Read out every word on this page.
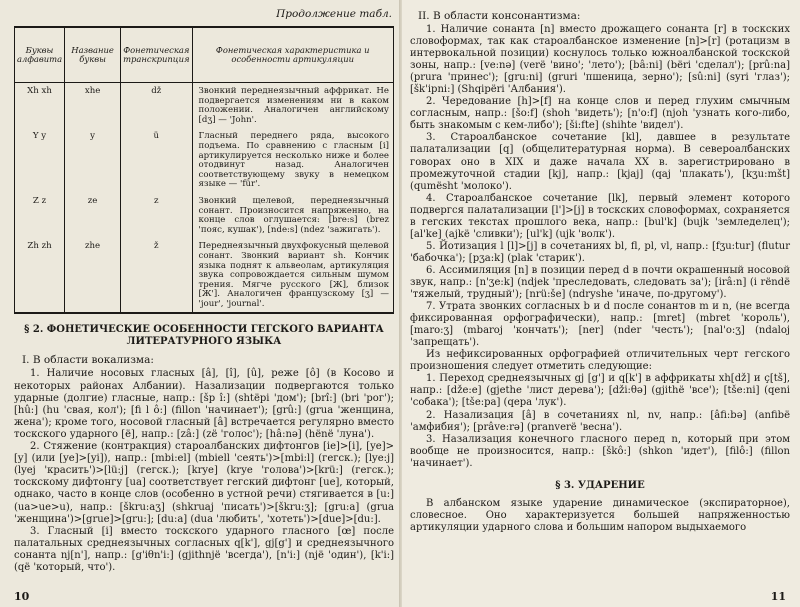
Продолжение табл.
Буквы алфавита	Название буквы	Фонетическая транскрипция	Фонетическая характеристика и особенности артикуляции
Xh xh	xhe	dž	Звонкий переднеязычный аффрикат. Не подвергается изменениям ни в каком положении. Аналогичен английскому [dʒ] — 'John'.
Y y	y	ü	Гласный переднего ряда, высокого подъема. По сравнению с гласным [i] артикулируется несколько ниже и более отодвинут назад. Аналогичен соответствующему звуку в немецком языке — 'für'.
Z z	ze	z	Звонкий щелевой, переднеязычный сонант. Произносится напряженно, на конце слов оглушается: [bre:s] (brez 'пояс, кушак'), [nde:s] (ndez 'зажигать').
Zh zh	zhe	ž	Переднеязычный двухфокусный щелевой сонант. Звонкий вариант sh. Кончик языка поднят к альвеолам, артикуляция звука сопровождается сильным шумом трения. Мягче русского [Ж], близок [Ж']. Аналогичен французскому [ʒ] — 'jour', 'journal'.
§ 2. ФОНЕТИЧЕСКИЕ ОСОБЕННОСТИ ГЕГСКОГО ВАРИАНТА ЛИТЕРАТУРНОГО ЯЗЫКА
I. В области вокализма:

1. Наличие носовых гласных [â], [î], [û], реже [ô] (в Косово и некоторых районах Албании). Назализации подвергаются только ударные (долгие) гласные, напр.: [šp î:] (shtëpi 'дом'); [brî:] (bri 'рог'); [hû:] (hu 'свая, кол'); [fi l ô:] (fillon 'начинает'); [grû:] (grua 'женщина, жена'); кроме того, носовой гласный [â] встречается регулярно вместо тоскского ударного [ë], напр.: [zâ:] (zë 'голос'); [hâ:nə] (hënë 'луна').

2. Стяжение (контракция) староалбанских дифтонгов [ie]>[i], [ye]>[y] (или [ye]>[yi]), напр.: [mbi:el] (mbiell 'сеять')>[mbi:l] (гегск.); [lye:j] (lyej 'красить')>[lü:j] (гегск.); [krye] (krye 'голова')>[krü:] (гегск.); тоскскому дифтонгу [ua] соответствует гегский дифтонг [ue], который, однако, часто в конце слов (особенно в устной речи) стягивается в [u:] (ua>ue>u), напр.: [škru:aʒ] (shkruaj 'писать')>[škru:ʒ]; [gru:a] (grua 'женщина')>[grue]>[gru:]; [du:a] (dua 'любить', 'хотеть')>[due]>[du:].

3. Гласный [i] вместо тоскского ударного гласного [œ] после палатальных среднеязычных согласных q[k'], gj[g'] и среднеязычного сонанта nj[n'], напр.: [g'iθn'i:] (gjithnjë 'всегда'), [n'i:] (një 'один'), [k'i:] (që 'который, что').

10
II. В области консонантизма:

1. Наличие сонанта [n] вместо дрожащего сонанта [r] в тоскских словоформах, так как староалбанское изменение [n]>[r] (ротацизм в интервокальной позиции) коснулось только южноалбанской тоскской зоны, напр.: [ve:nə] (verë 'вино'; 'лето'); [bâ:ni] (bëri 'сделал'); [prû:na] (prura 'принес'); [gru:ni] (gruri 'пшеница, зерно'); [sû:ni] (syri 'глаз'); [šk'ipni:] (Shqipëri 'Албания').

2. Чередование [h]>[f] на конце слов и перед глухим смычным согласным, напр.: [šo:f] (shoh 'видеть'); [n'o:f] (njoh 'узнать кого-либо, быть знакомым с кем-либо'); [ši:fte] (shihte 'видел').

3. Староалбанское сочетание [kl], давшее в результате палатализации [q] (общелитературная норма). В североалбанских говорах оно в XIX и даже начала XX в. зарегистрировано в промежуточной стадии [kj], напр.: [kjaj] (qaj 'плакать'), [kʒu:mšt] (qumësht 'молоко').

4. Староалбанское сочетание [lk], первый элемент которого подвергся палатализации [l']>[j] в тоскских словоформах, сохраняется в гегских текстах прошлого века, напр.: [bul'k] (bujk 'земледелец'); [al'ke] (ajkë 'сливки'); [ul'k] (ujk 'волк').

5. Йотизация l [l]>[j] в сочетаниях bl, fl, pl, vl, напр.: [fʒu:tur] (flutur 'бабочка'); [pʒa:k] (plak 'старик').

6. Ассимиляция [n] в позиции перед d в почти окрашенный носовой звук, напр.: [n'ʒe:k] (ndjek 'преследовать, следовать за'); [irâ:n] (i rëndë 'тяжелый, трудный'); [nrü:še] (ndryshe 'иначе, по-другому').

7. Утрата звонких согласных b и d после сонантов m и n, (не всегда фиксированная орфографически), напр.: [mret] (mbret 'король'), [maro:ʒ] (mbaroj 'кончать'); [ner] (nder 'честь'); [nal'o:ʒ] (ndaloj 'запрещать').

Из нефиксированных орфографией отличительных черт гегского произношения следует отметить следующие:

1. Переход среднеязычных gj [g'] и q[k'] в аффрикаты xh[dž] и ç[tš], напр.: [dže:e] (gjethe 'лист дерева'); [dži:θə] (gjithë 'все'); [tše:ni] (qeni 'собака'); [tše:pa] (qepa 'лук').

2. Назализация [â] в сочетаниях nl, nv, напр.: [âfi:bə] (anfibë 'амфибия'); [prâve:rə] (pranverë 'весна').

3. Назализация конечного гласного перед n, который при этом вообще не произносится, напр.: [škô:] (shkon 'идет'), [filô:] (fillon 'начинает').

§ 3. УДАРЕНИЕ

В албанском языке ударение динамическое (экспираторное), словесное. Оно характеризуется большей напряженностью артикуляции ударного слова и большим напором выдыхаемого

11
